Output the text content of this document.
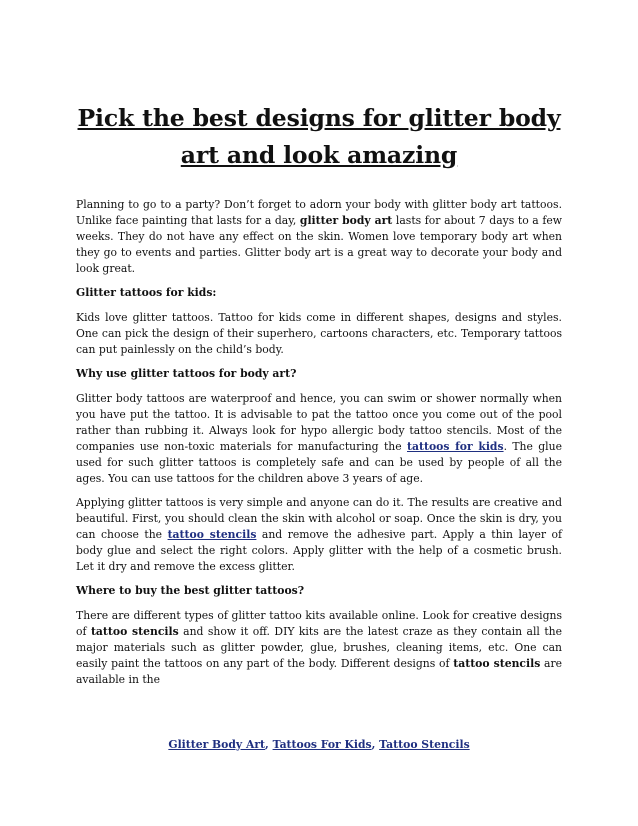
Pick the best designs for glitter body
art and look amazing

Planning to go to a party? Don’t forget to adorn your body with glitter body art tattoos. Unlike face painting that lasts for a day, glitter body art lasts for about 7 days to a few weeks. They do not have any effect on the skin. Women love temporary body art when they go to events and parties. Glitter body art is a great way to decorate your body and look great.

Glitter tattoos for kids:

Kids love glitter tattoos. Tattoo for kids come in different shapes, designs and styles. One can pick the design of their superhero, cartoons characters, etc. Temporary tattoos can put painlessly on the child’s body.

Why use glitter tattoos for body art?

Glitter body tattoos are waterproof and hence, you can swim or shower normally when you have put the tattoo. It is advisable to pat the tattoo once you come out of the pool rather than rubbing it. Always look for hypo allergic body tattoo stencils. Most of the companies use non-toxic materials for manufacturing the tattoos for kids. The glue used for such glitter tattoos is completely safe and can be used by people of all the ages. You can use tattoos for the children above 3 years of age.

Applying glitter tattoos is very simple and anyone can do it. The results are creative and beautiful. First, you should clean the skin with alcohol or soap. Once the skin is dry, you can choose the tattoo stencils and remove the adhesive part. Apply a thin layer of body glue and select the right colors. Apply glitter with the help of a cosmetic brush. Let it dry and remove the excess glitter.

Where to buy the best glitter tattoos?

There are different types of glitter tattoo kits available online. Look for creative designs of tattoo stencils and show it off. DIY kits are the latest craze as they contain all the major materials such as glitter powder, glue, brushes, cleaning items, etc. One can easily paint the tattoos on any part of the body. Different designs of tattoo stencils are available in the

Glitter Body Art, Tattoos For Kids, Tattoo Stencils
